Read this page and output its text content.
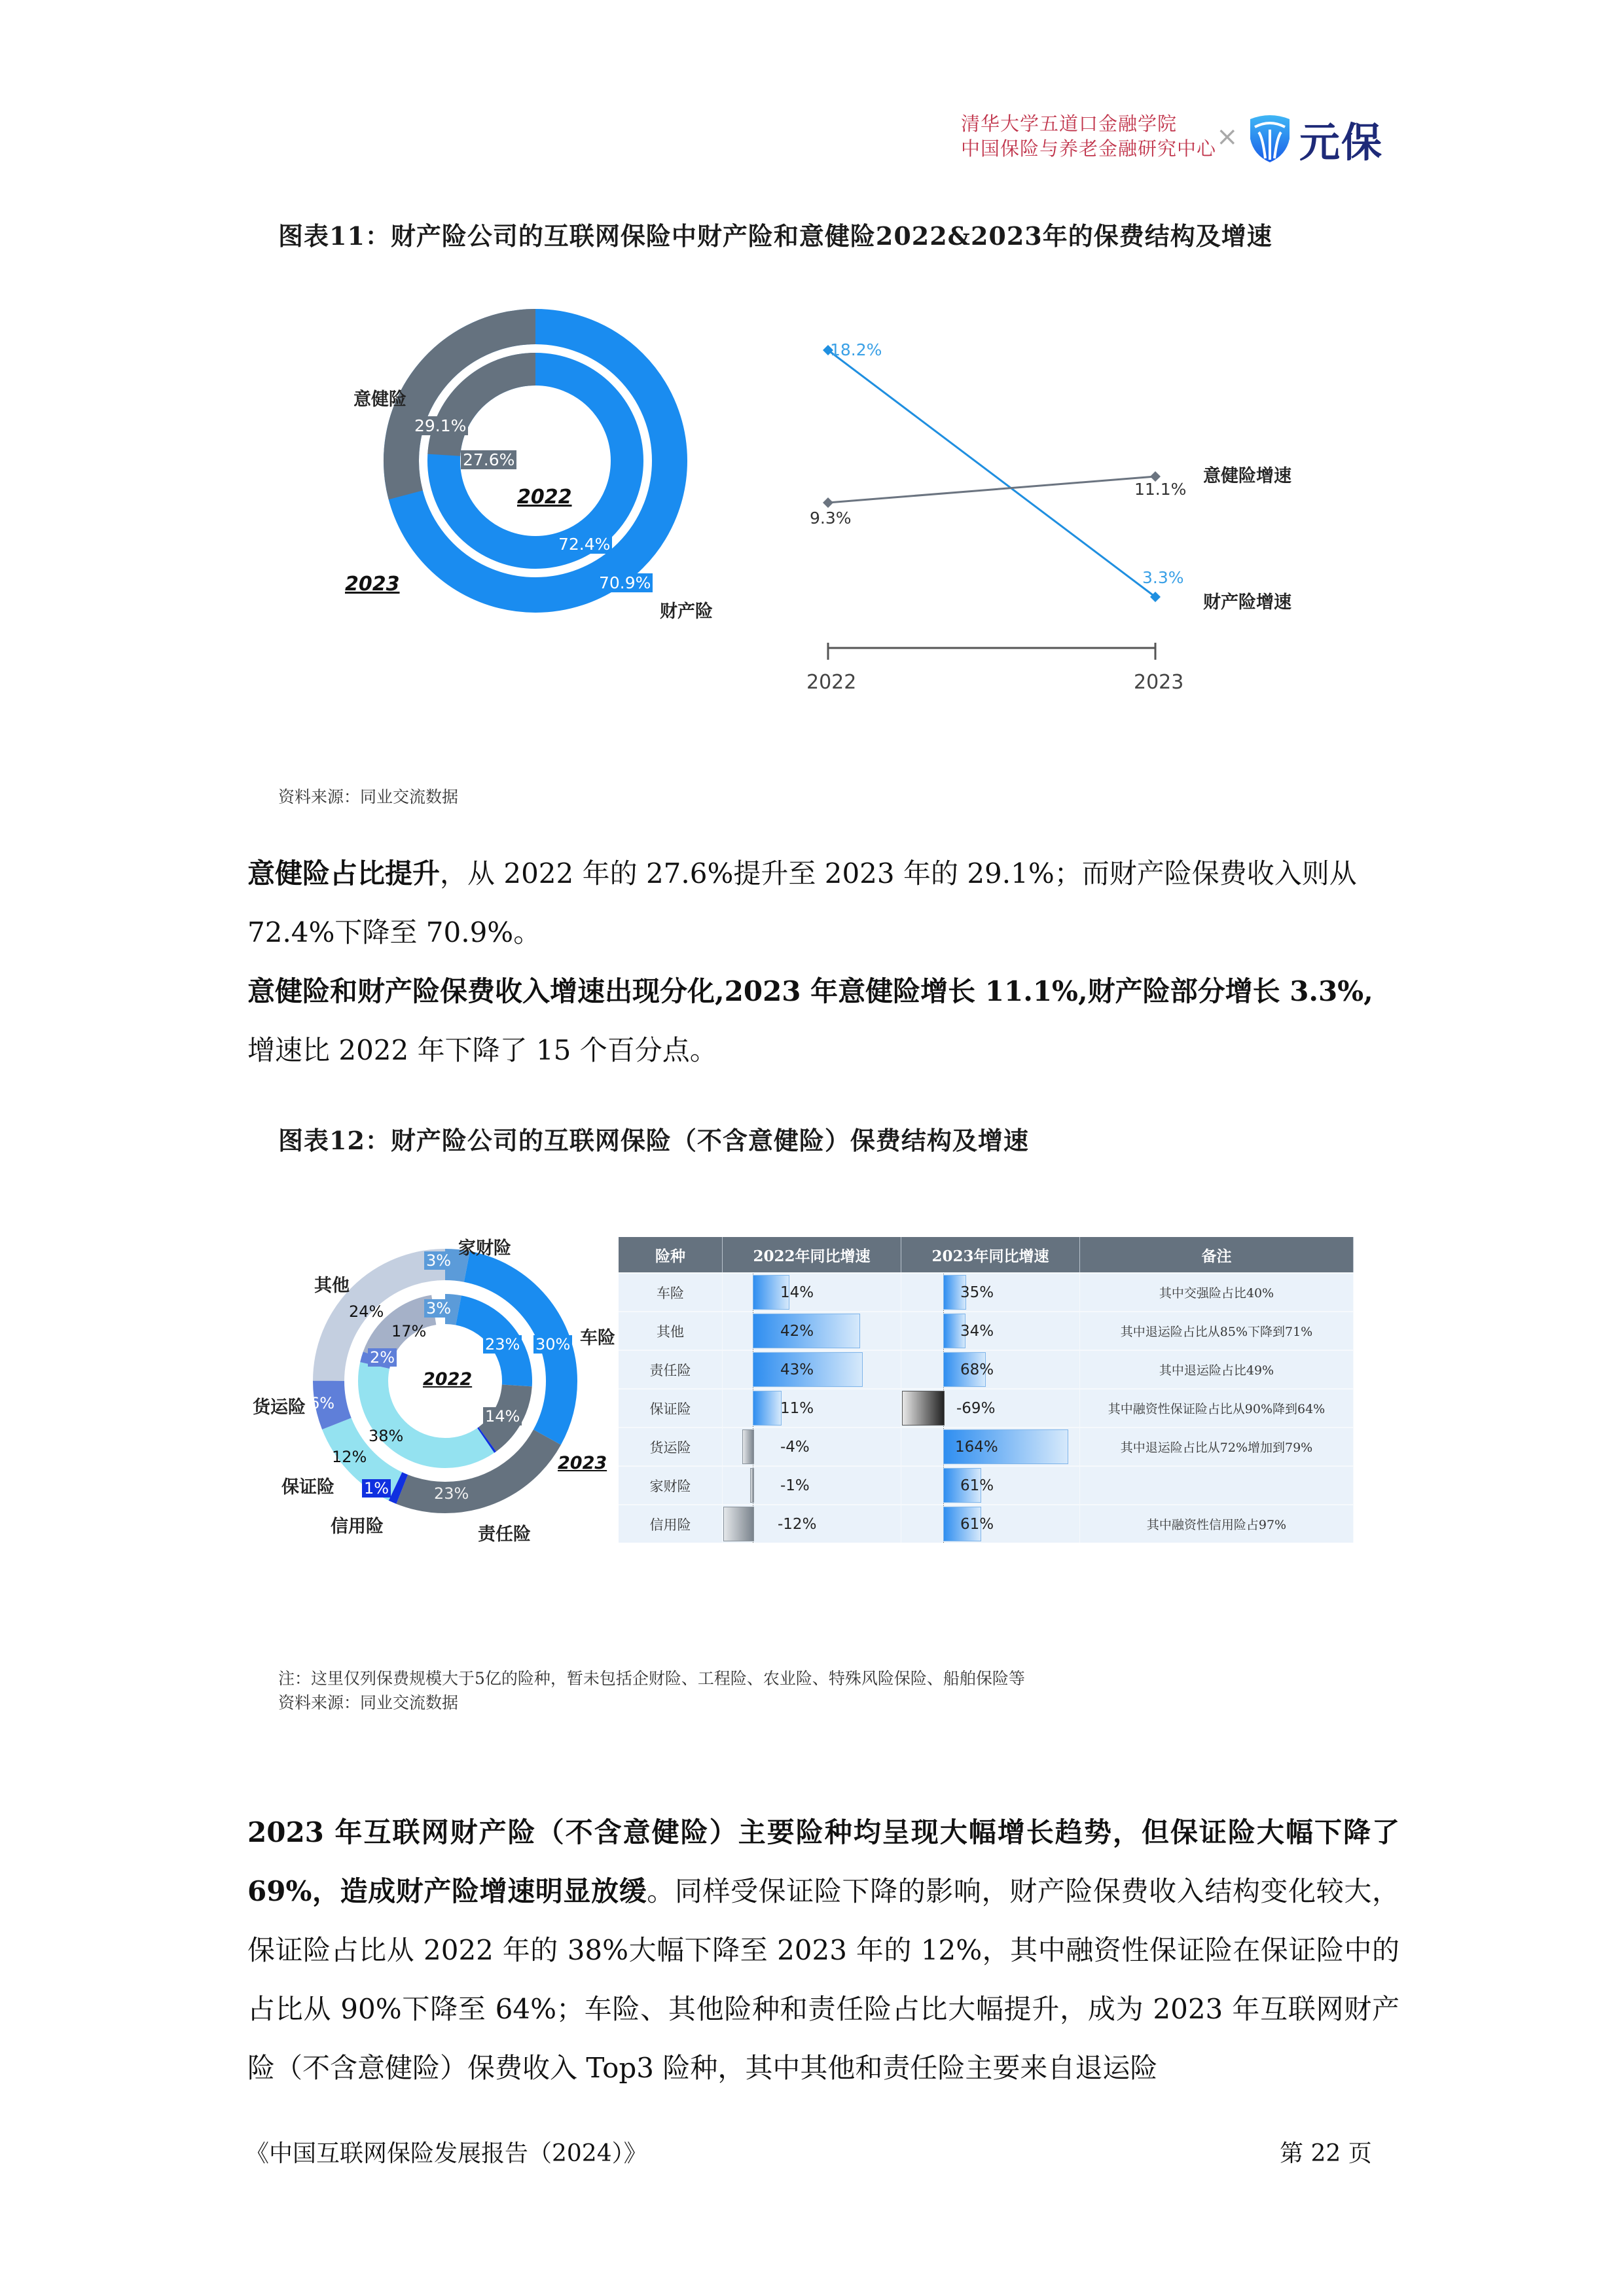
清华大学五道口金融学院
中国保险与养老金融研究中心 × 元保
图表11：财产险公司的互联网保险中财产险和意健险2022&2023年的保费结构及增速
意健险
29.1%
27.6%
2022
72.4%
70.9%
2023
财产险
18.2%
3.3%
9.3%
11.1%
意健险增速
财产险增速
2022	2023
资料来源：同业交流数据
意健险占比提升，从 2022 年的 27.6%提升至 2023 年的 29.1%；而财产险保费收入则从 72.4%下降至 70.9%。
意健险和财产险保费收入增速出现分化,2023 年意健险增长 11.1%,财产险部分增长 3.3%,增速比 2022 年下降了 15 个百分点。
图表12：财产险公司的互联网保险（不含意健险）保费结构及增速
家财险
其他
车险
货运险
保证险
信用险	责任险
3%
3%
30%
23%
14%
23%
1%
12%
38%
6%
2%
24%
17%
2022
2023
险种	2022年同比增速	2023年同比增速	备注
车险	14%	35%	其中交强险占比40%
其他	42%	34%	其中退运险占比从85%下降到71%
责任险	43%	68%	其中退运险占比49%
保证险	11%	-69%	其中融资性保证险占比从90%降到64%
货运险	-4%	164%	其中退运险占比从72%增加到79%
家财险	-1%	61%	

信用险	-12%	61%	其中融资性信用险占97%
注：这里仅列保费规模大于5亿的险种，暂未包括企财险、工程险、农业险、特殊风险保险、船舶保险等
资料来源：同业交流数据
2023 年互联网财产险（不含意健险）主要险种均呈现大幅增长趋势，但保证险大幅下降了 69%，造成财产险增速明显放缓。同样受保证险下降的影响，财产险保费收入结构变化较大，保证险占比从 2022 年的 38%大幅下降至 2023 年的 12%，其中融资性保证险在保证险中的占比从 90%下降至 64%；车险、其他险种和责任险占比大幅提升，成为 2023 年互联网财产险（不含意健险）保费收入 Top3 险种，其中其他和责任险主要来自退运险
《中国互联网保险发展报告（2024）》	第 22 页
